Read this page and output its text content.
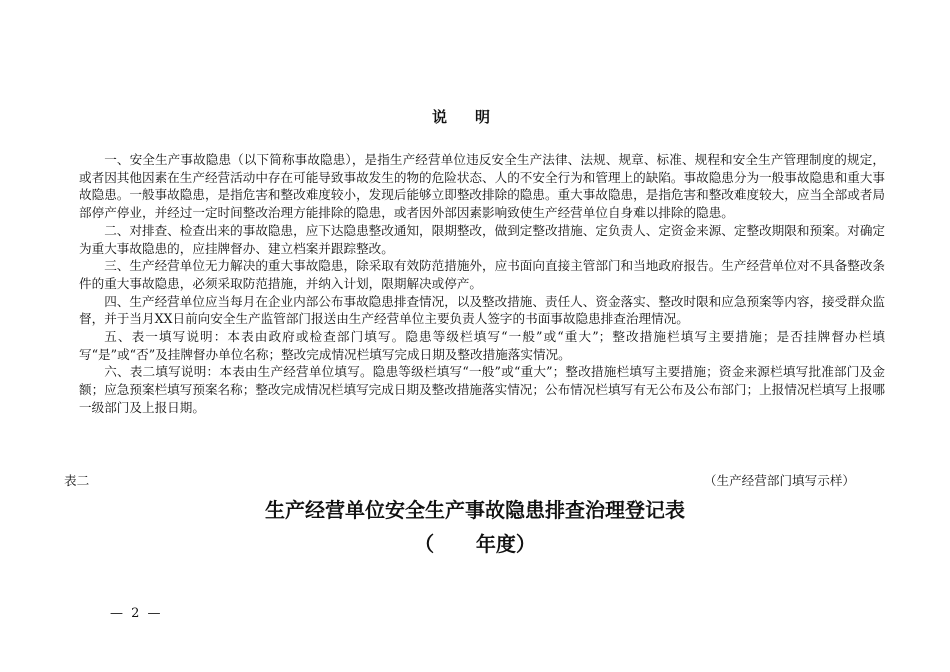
说明

一、安全生产事故隐患（以下简称事故隐患），是指生产经营单位违反安全生产法律、法规、规章、标准、规程和安全生产管理制度的规定，或者因其他因素在生产经营活动中存在可能导致事故发生的物的危险状态、人的不安全行为和管理上的缺陷。事故隐患分为一般事故隐患和重大事故隐患。一般事故隐患，是指危害和整改难度较小，发现后能够立即整改排除的隐患。重大事故隐患，是指危害和整改难度较大，应当全部或者局部停产停业，并经过一定时间整改治理方能排除的隐患，或者因外部因素影响致使生产经营单位自身难以排除的隐患。

二、对排查、检查出来的事故隐患，应下达隐患整改通知，限期整改，做到定整改措施、定负责人、定资金来源、定整改期限和预案。对确定为重大事故隐患的，应挂牌督办、建立档案并跟踪整改。

三、生产经营单位无力解决的重大事故隐患，除采取有效防范措施外，应书面向直接主管部门和当地政府报告。生产经营单位对不具备整改条件的重大事故隐患，必须采取防范措施，并纳入计划，限期解决或停产。

四、生产经营单位应当每月在企业内部公布事故隐患排查情况，以及整改措施、责任人、资金落实、整改时限和应急预案等内容，接受群众监督，并于当月XX日前向安全生产监管部门报送由生产经营单位主要负责人签字的书面事故隐患排查治理情况。

五、表一填写说明：本表由政府或检查部门填写。隐患等级栏填写“一般”或“重大”；整改措施栏填写主要措施；是否挂牌督办栏填写“是”或“否”及挂牌督办单位名称；整改完成情况栏填写完成日期及整改措施落实情况。

六、表二填写说明：本表由生产经营单位填写。隐患等级栏填写“一般”或“重大”；整改措施栏填写主要措施；资金来源栏填写批准部门及金额；应急预案栏填写预案名称；整改完成情况栏填写完成日期及整改措施落实情况；公布情况栏填写有无公布及公布部门；上报情况栏填写上报哪一级部门及上报日期。

表二	（生产经营部门填写示样）
生产经营单位安全生产事故隐患排查治理登记表
（      年度）
— 2 —
